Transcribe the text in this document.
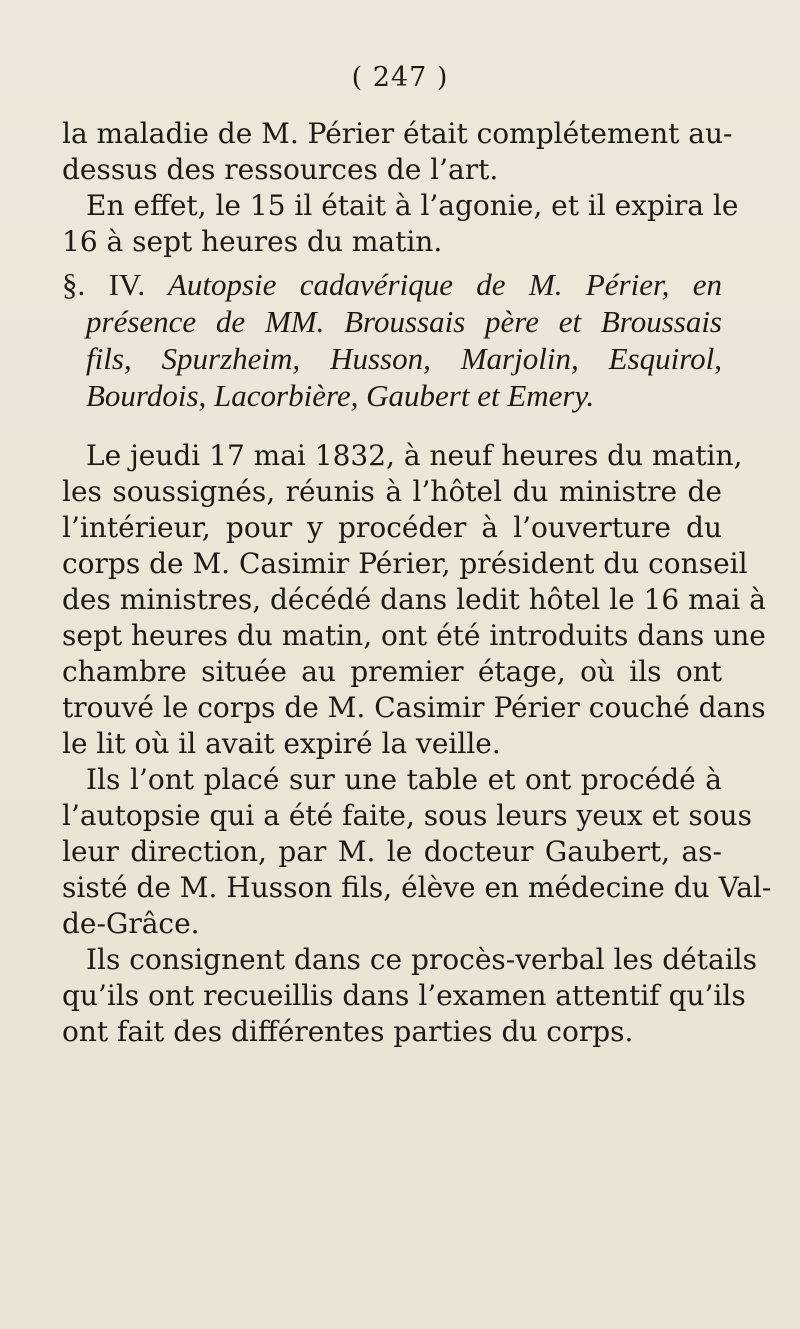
( 247 )

la maladie de M. Périer était complétement au-

dessus des ressources de l’art.

En effet, le 15 il était à l’agonie, et il expira le

16 à sept heures du matin.

§. IV. Autopsie cadavérique de M. Périer, en

présence de MM. Broussais père et Broussais

fils, Spurzheim, Husson, Marjolin, Esquirol,

Bourdois, Lacorbière, Gaubert et Emery.

Le jeudi 17 mai 1832, à neuf heures du matin,

les soussignés, réunis à l’hôtel du ministre de

l’intérieur, pour y procéder à l’ouverture du

corps de M. Casimir Périer, président du conseil

des ministres, décédé dans ledit hôtel le 16 mai à

sept heures du matin, ont été introduits dans une

chambre située au premier étage, où ils ont

trouvé le corps de M. Casimir Périer couché dans

le lit où il avait expiré la veille.

Ils l’ont placé sur une table et ont procédé à

l’autopsie qui a été faite, sous leurs yeux et sous

leur direction, par M. le docteur Gaubert, as-

sisté de M. Husson fils, élève en médecine du Val-

de-Grâce.

Ils consignent dans ce procès-verbal les détails

qu’ils ont recueillis dans l’examen attentif qu’ils

ont fait des différentes parties du corps.
